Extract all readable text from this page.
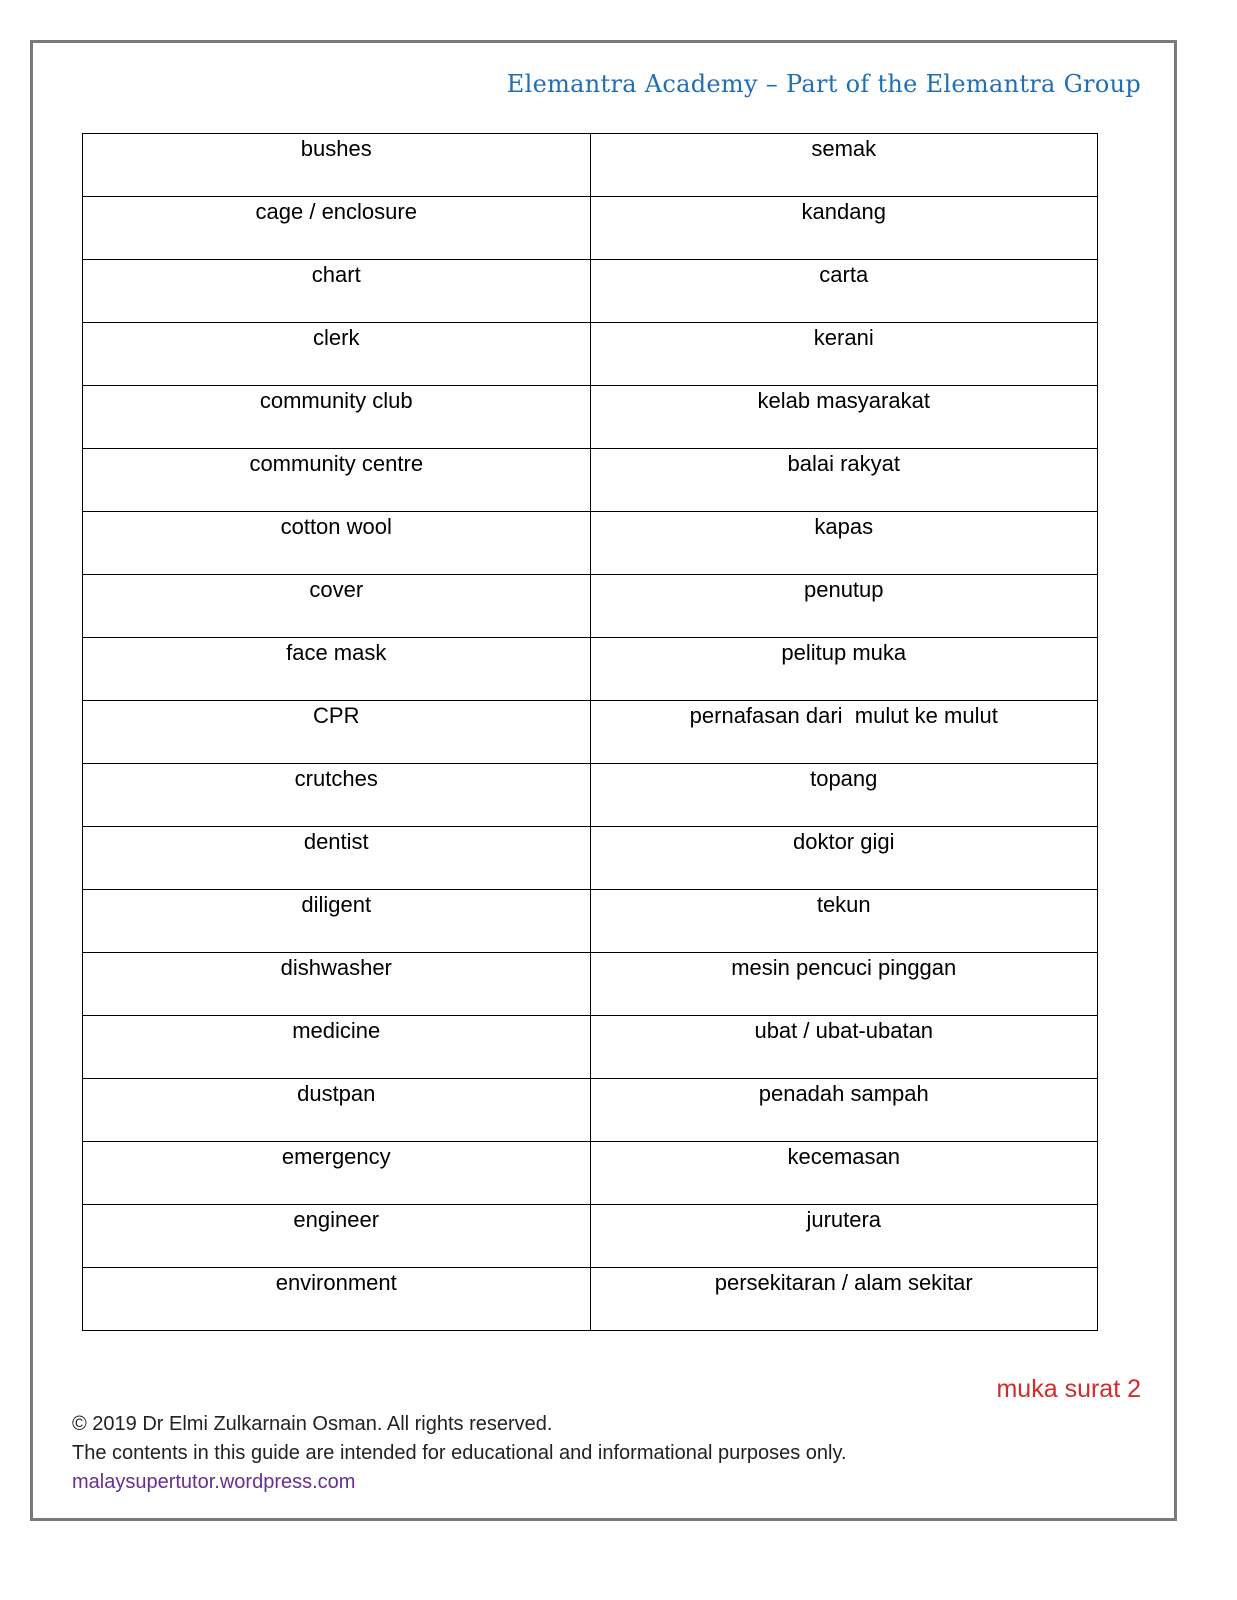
Elemantra Academy – Part of the Elemantra Group
bushes	semak

cage / enclosure	kandang

chart	carta

clerk	kerani

community club	kelab masyarakat

community centre	balai rakyat

cotton wool	kapas

cover	penutup

face mask	pelitup muka

CPR	pernafasan dari  mulut ke mulut

crutches	topang

dentist	doktor gigi

diligent	tekun

dishwasher	mesin pencuci pinggan

medicine	ubat / ubat-ubatan

dustpan	penadah sampah

emergency	kecemasan

engineer	jurutera

environment	persekitaran / alam sekitar
muka surat 2
© 2019 Dr Elmi Zulkarnain Osman. All rights reserved.
The contents in this guide are intended for educational and informational purposes only.
malaysupertutor.wordpress.com
